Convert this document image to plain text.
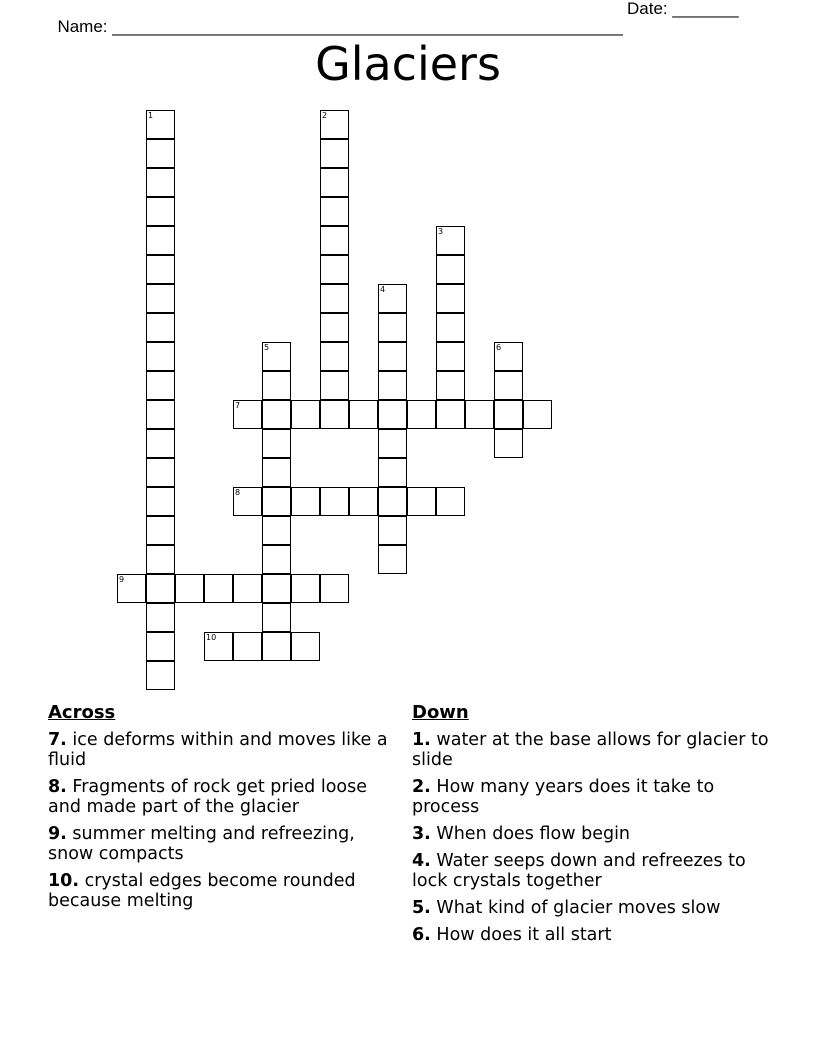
Name: ______________________________________________________

Date: _______

Glaciers
1	2
3
4
5	6
7
8
9
10
Across
7. ice deforms within and moves like a fluid
8. Fragments of rock get pried loose and made part of the glacier
9. summer melting and refreezing, snow compacts
10. crystal edges become rounded because melting
Down
1. water at the base allows for glacier to slide
2. How many years does it take to process
3. When does flow begin
4. Water seeps down and refreezes to lock crystals together
5. What kind of glacier moves slow
6. How does it all start
